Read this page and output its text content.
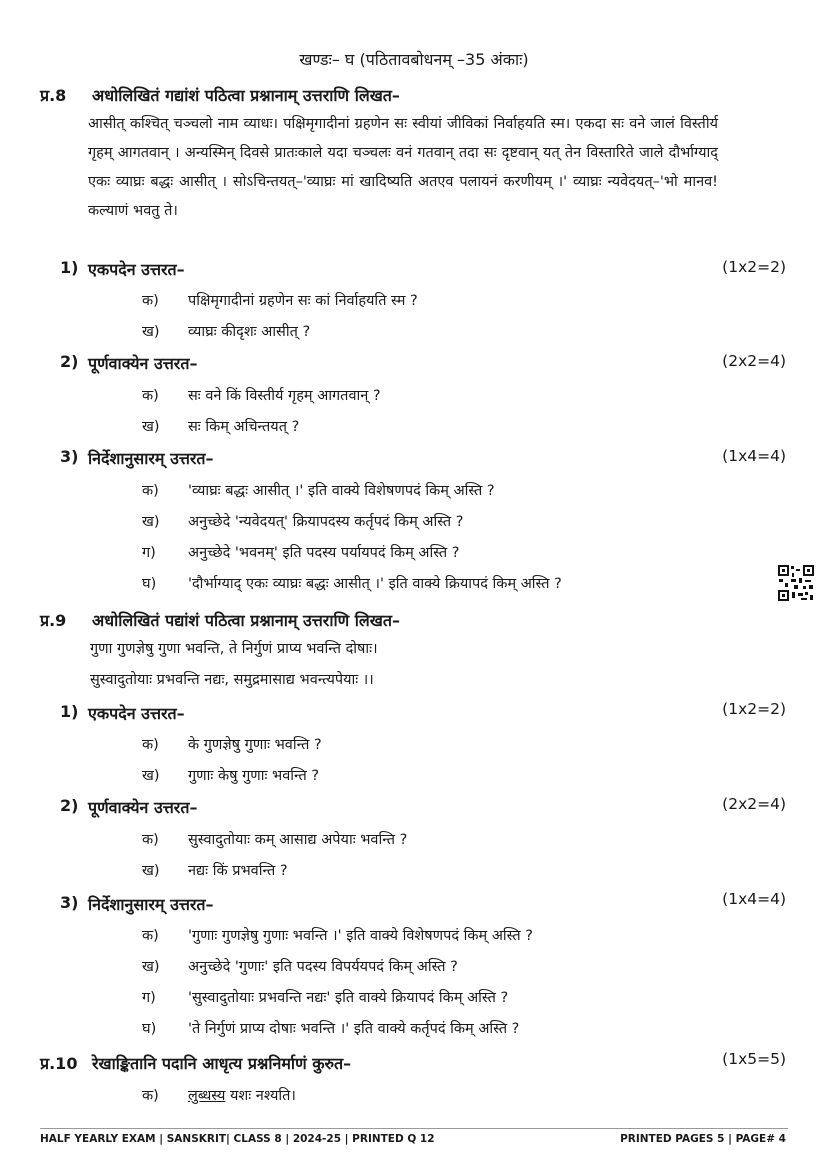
खण्डः– घ (पठितावबोधनम् –35 अंकाः)
प्र.8 अधोलिखितं गद्यांशं पठित्वा प्रश्नानाम् उत्तराणि लिखत–
आसीत् कश्चित् चञ्चलो नाम व्याधः। पक्षिमृगादीनां ग्रहणेन सः स्वीयां जीविकां निर्वाहयति स्म। एकदा सः वने जालं विस्तीर्य गृहम् आगतवान् । अन्यस्मिन् दिवसे प्रातःकाले यदा चञ्चलः वनं गतवान् तदा सः दृष्टवान् यत् तेन विस्तारिते जाले दौर्भाग्याद् एकः व्याघ्रः बद्धः आसीत् । सोऽचिन्तयत्–'व्याघ्रः मां खादिष्यति अतएव पलायनं करणीयम् ।' व्याघ्रः न्यवेदयत्–'भो मानव! कल्याणं भवतु ते।
1) एकपदेन उत्तरत–	(1x2=2)
क) पक्षिमृगादीनां ग्रहणेन सः कां निर्वाहयति स्म ?
ख) व्याघ्रः कीदृशः आसीत् ?
2) पूर्णवाक्येन उत्तरत–	(2x2=4)
क) सः वने किं विस्तीर्य गृहम् आगतवान् ?
ख) सः किम् अचिन्तयत् ?
3) निर्देशानुसारम् उत्तरत–	(1x4=4)
क) 'व्याघ्रः बद्धः आसीत् ।' इति वाक्ये विशेषणपदं किम् अस्ति ?
ख) अनुच्छेदे 'न्यवेदयत्' क्रियापदस्य कर्तृपदं किम् अस्ति ?
ग) अनुच्छेदे 'भवनम्' इति पदस्य पर्यायपदं किम् अस्ति ?
घ) 'दौर्भाग्याद् एकः व्याघ्रः बद्धः आसीत् ।' इति वाक्ये क्रियापदं किम् अस्ति ?
प्र.9 अधोलिखितं पद्यांशं पठित्वा प्रश्नानाम् उत्तराणि लिखत–
गुणा गुणज्ञेषु गुणा भवन्ति, ते निर्गुणं प्राप्य भवन्ति दोषाः।
सुस्वादुतोयाः प्रभवन्ति नद्यः, समुद्रमासाद्य भवन्त्यपेयाः ।।
1) एकपदेन उत्तरत–	(1x2=2)
क) के गुणज्ञेषु गुणाः भवन्ति ?
ख) गुणाः केषु गुणाः भवन्ति ?
2) पूर्णवाक्येन उत्तरत–	(2x2=4)
क) सुस्वादुतोयाः कम् आसाद्य अपेयाः भवन्ति ?
ख) नद्यः किं प्रभवन्ति ?
3) निर्देशानुसारम् उत्तरत–	(1x4=4)
क) 'गुणाः गुणज्ञेषु गुणाः भवन्ति ।' इति वाक्ये विशेषणपदं किम् अस्ति ?
ख) अनुच्छेदे 'गुणाः' इति पदस्य विपर्ययपदं किम् अस्ति ?
ग) 'सुस्वादुतोयाः प्रभवन्ति नद्यः' इति वाक्ये क्रियापदं किम् अस्ति ?
घ) 'ते निर्गुणं प्राप्य दोषाः भवन्ति ।' इति वाक्ये कर्तृपदं किम् अस्ति ?
प्र.10 रेखाङ्कितानि पदानि आधृत्य प्रश्ननिर्माणं कुरुत–	(1x5=5)
क) लुब्धस्य यशः नश्यति।
HALF YEARLY EXAM | SANSKRIT| CLASS 8 | 2024-25 | PRINTED Q 12	PRINTED PAGES 5 | PAGE# 4
